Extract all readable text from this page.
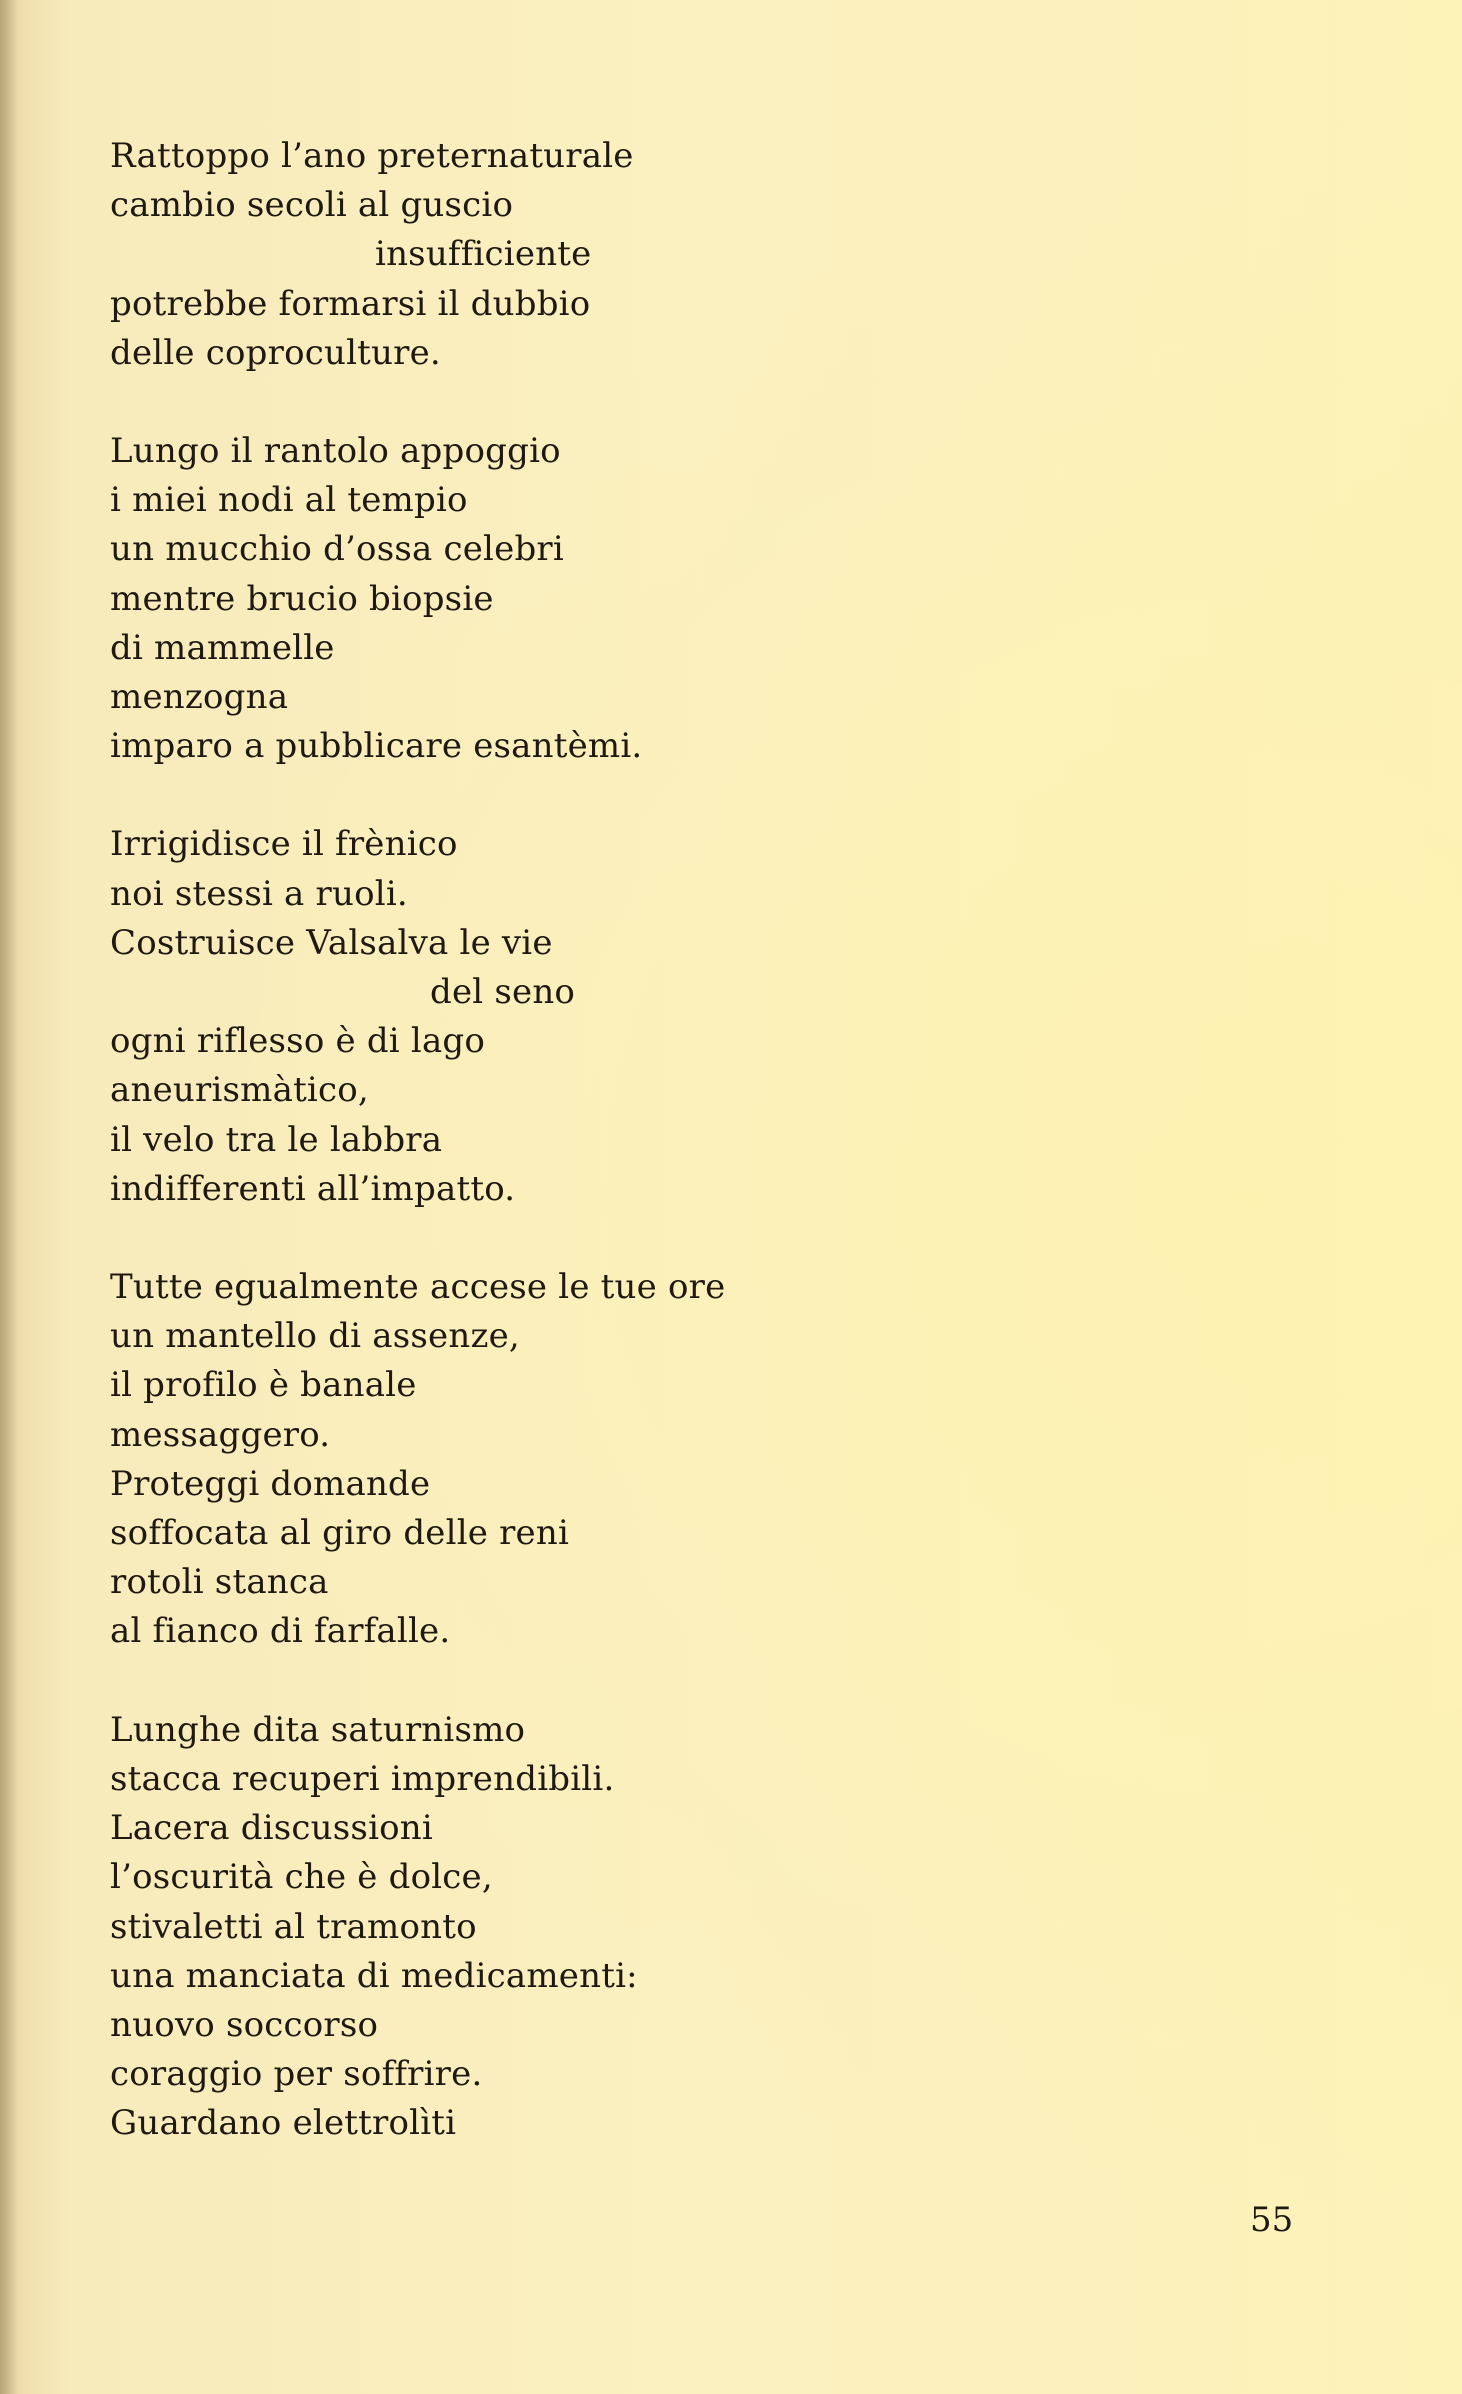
Rattoppo l’ano preternaturale
cambio secoli al guscio
insufficiente
potrebbe formarsi il dubbio
delle coproculture.
Lungo il rantolo appoggio
i miei nodi al tempio
un mucchio d’ossa celebri
mentre brucio biopsie
di mammelle
menzogna
imparo a pubblicare esantèmi.
Irrigidisce il frènico
noi stessi a ruoli.
Costruisce Valsalva le vie
del seno
ogni riflesso è di lago
aneurismàtico,
il velo tra le labbra
indifferenti all’impatto.
Tutte egualmente accese le tue ore
un mantello di assenze,
il profilo è banale
messaggero.
Proteggi domande
soffocata al giro delle reni
rotoli stanca
al fianco di farfalle.
Lunghe dita saturnismo
stacca recuperi imprendibili.
Lacera discussioni
l’oscurità che è dolce,
stivaletti al tramonto
una manciata di medicamenti:
nuovo soccorso
coraggio per soffrire.
Guardano elettrolìti
55
